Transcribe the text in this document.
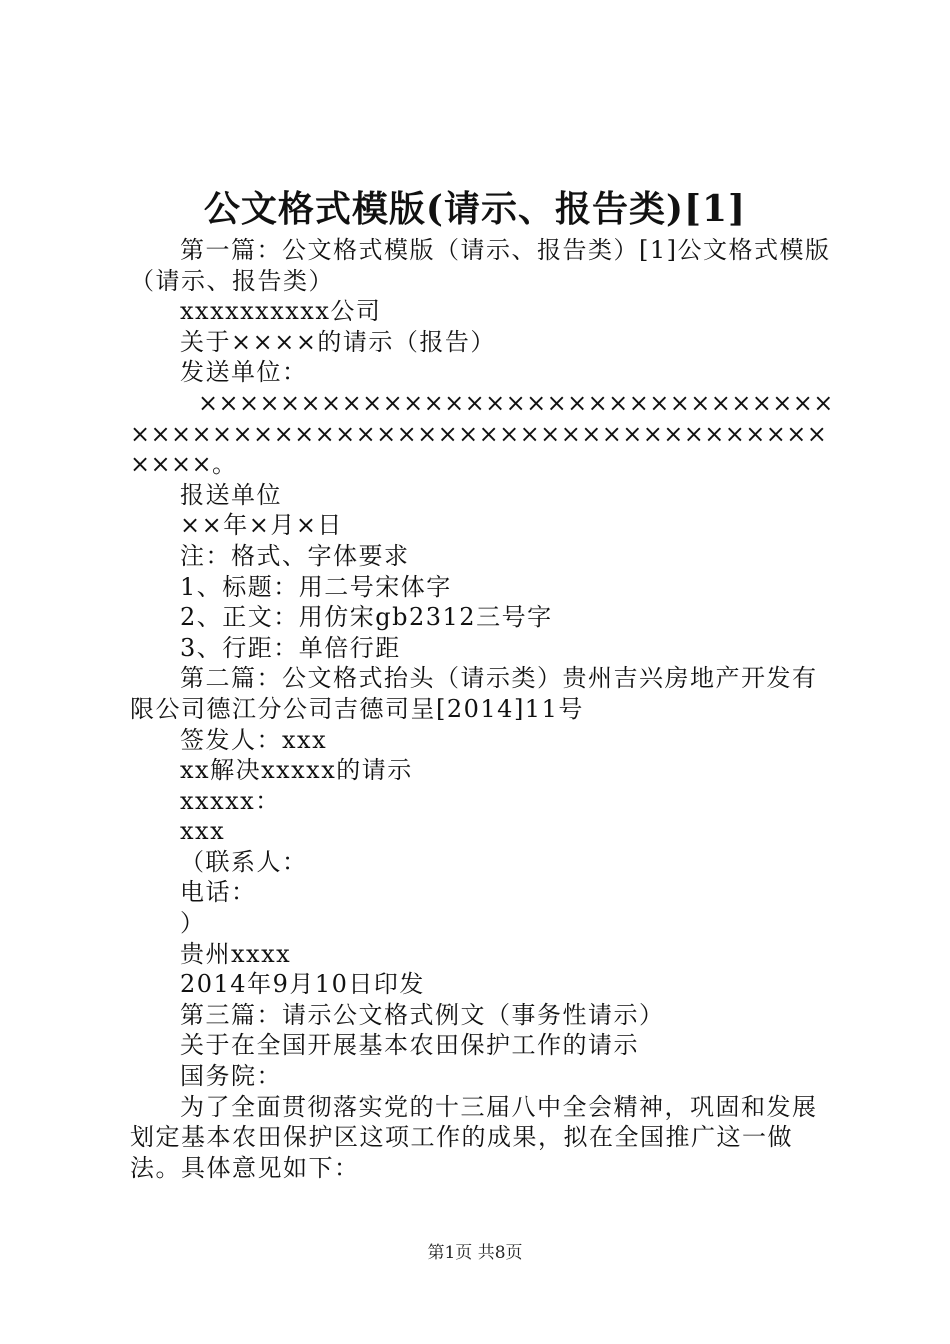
公文格式模版(请示、报告类)[1]

第一篇：公文格式模版（请示、报告类）[1]公文格式模版（请示、报告类）

xxxxxxxxxx公司

关于××××的请示（报告）

发送单位：

×××××××××××××××××××××××××××××××××××××××××××××××××××××××××××××××××××××。

报送单位

××年×月×日

注：格式、字体要求

1、标题：用二号宋体字

2、正文：用仿宋gb2312三号字

3、行距：单倍行距

第二篇：公文格式抬头（请示类）贵州吉兴房地产开发有限公司德江分公司吉德司呈[2014]11号

签发人：xxx

xx解决xxxxx的请示

xxxxx：

xxx

（联系人：

电话：

）

贵州xxxx

2014年9月10日印发

第三篇：请示公文格式例文（事务性请示）

关于在全国开展基本农田保护工作的请示

国务院：

为了全面贯彻落实党的十三届八中全会精神，巩固和发展划定基本农田保护区这项工作的成果，拟在全国推广这一做法。具体意见如下：

第1页 共8页
